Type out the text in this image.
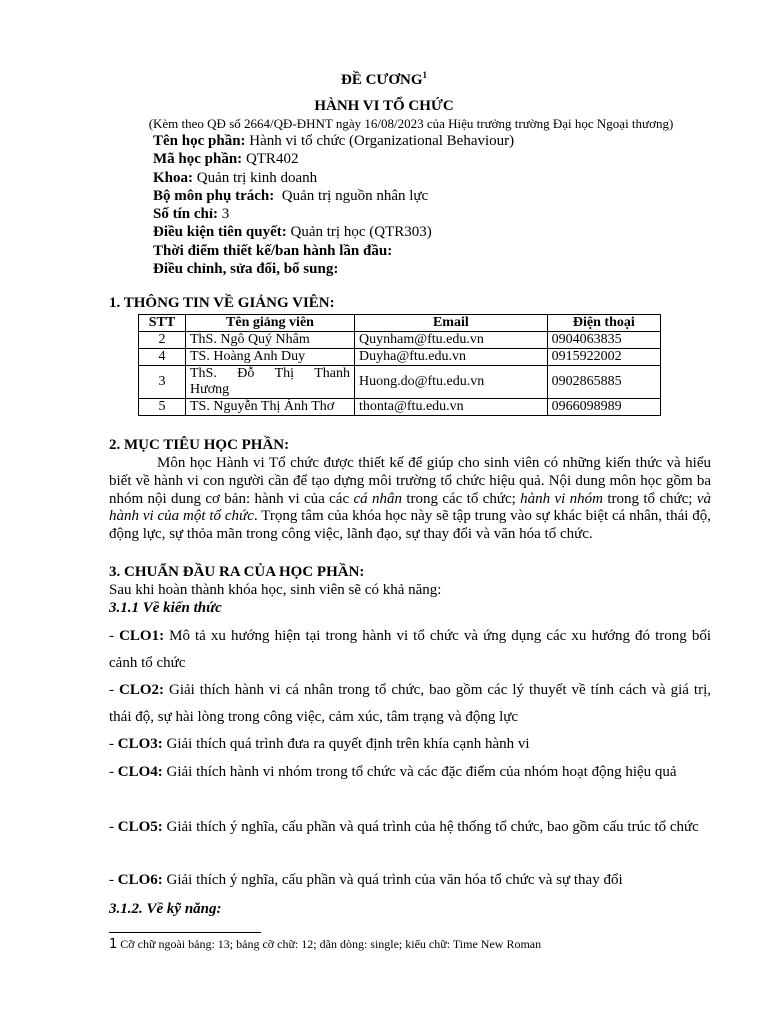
ĐỀ CƯƠNG$^1$
HÀNH VI TỔ CHỨC
(Kèm theo QĐ số 2664/QĐ-ĐHNT ngày 16/08/2023 của Hiệu trưởng trường Đại học Ngoại thương)
Tên học phần: Hành vi tổ chức (Organizational Behaviour)
Mã học phần: QTR402
Khoa: Quản trị kinh doanh
Bộ môn phụ trách:  Quản trị nguồn nhân lực
Số tín chỉ: 3
Điều kiện tiên quyết: Quản trị học (QTR303)
Thời điểm thiết kế/ban hành lần đầu:
Điều chỉnh, sửa đổi, bổ sung:
1. THÔNG TIN VỀ GIẢNG VIÊN:
STT	Tên giảng viên	Email	Điện thoại
2	ThS. Ngô Quý Nhâm	Quynham@ftu.edu.vn	0904063835
4	TS. Hoàng Anh Duy	Duyha@ftu.edu.vn	0915922002
3	ThS. Đỗ Thị Thanh Hương	Huong.do@ftu.edu.vn	0902865885
5	TS. Nguyễn Thị Ánh Thơ	thonta@ftu.edu.vn	0966098989
2. MỤC TIÊU HỌC PHẦN:
Môn học Hành vi Tổ chức được thiết kế để giúp cho sinh viên có những kiến thức và hiểu biết về hành vi con người cần để tạo dựng môi trường tổ chức hiệu quả. Nội dung môn học gồm ba nhóm nội dung cơ bản: hành vi của các cá nhân trong các tổ chức; hành vi nhóm trong tổ chức; và hành vi của một tổ chức. Trọng tâm của khóa học này sẽ tập trung vào sự khác biệt cá nhân, thái độ, động lực, sự thỏa mãn trong công việc, lãnh đạo, sự thay đổi và văn hóa tổ chức.
3. CHUẨN ĐẦU RA CỦA HỌC PHẦN:
Sau khi hoàn thành khóa học, sinh viên sẽ có khả năng:
3.1.1 Về kiến thức
- CLO1: Mô tả xu hướng hiện tại trong hành vi tổ chức và ứng dụng các xu hướng đó trong bối cảnh tổ chức
- CLO2: Giải thích hành vi cá nhân trong tổ chức, bao gồm các lý thuyết về tính cách và giá trị, thái độ, sự hài lòng trong công việc, cảm xúc, tâm trạng và động lực
- CLO3: Giải thích quá trình đưa ra quyết định trên khía cạnh hành vi
- CLO4: Giải thích hành vi nhóm trong tổ chức và các đặc điểm của nhóm hoạt động hiệu quả
- CLO5: Giải thích ý nghĩa, cấu phần và quá trình của hệ thống tổ chức, bao gồm cấu trúc tổ chức
- CLO6: Giải thích ý nghĩa, cấu phần và quá trình của văn hóa tổ chức và sự thay đổi
3.1.2. Về kỹ năng:
1 Cỡ chữ ngoài bảng: 13; bảng cỡ chữ: 12; dãn dòng: single; kiểu chữ: Time New Roman
